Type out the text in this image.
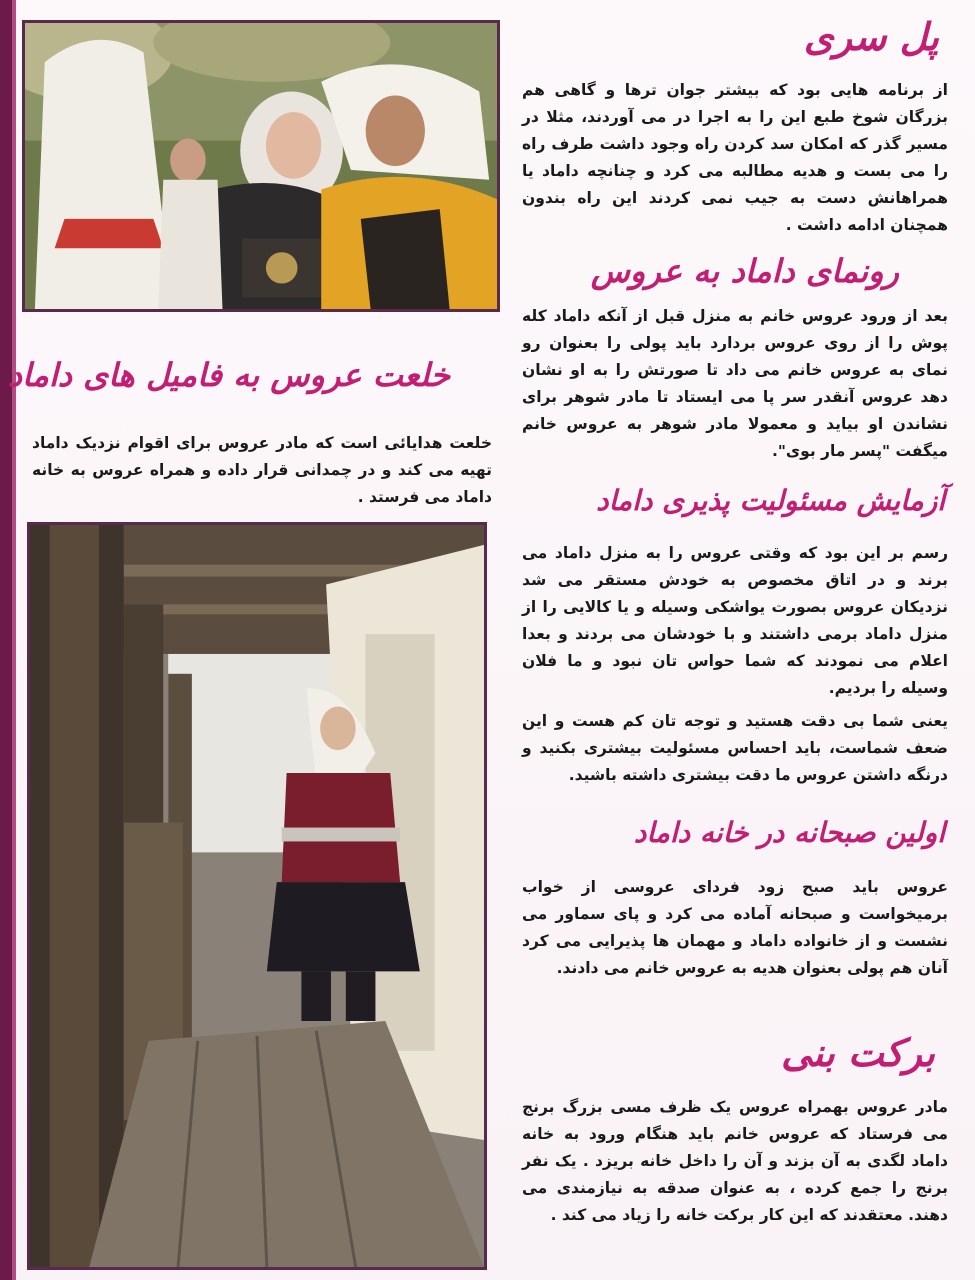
پل سری

از برنامه هایی بود که بیشتر جوان ترها و گاهی هم بزرگان شوخ طبع این را به اجرا در می آوردند، مثلا در مسیر گذر که امکان سد کردن راه وجود داشت طرف راه را می بست و هدیه مطالبه می کرد و چنانچه داماد یا همراهانش دست به جیب نمی کردند این راه بندون همچنان ادامه داشت .

رونمای داماد به عروس

بعد از ورود عروس خانم به منزل قبل از آنکه داماد کله پوش را از روی عروس بردارد باید پولی را بعنوان رو نمای به عروس خانم می داد تا صورتش را به او نشان دهد عروس آنقدر سر پا می ایستاد تا مادر شوهر برای نشاندن او بیاید و معمولا مادر شوهر به عروس خانم میگفت "پسر مار بوی".

خلعت عروس به فامیل های داماد

خلعت هدایائی است که مادر عروس برای اقوام نزدیک داماد تهیه می کند و در چمدانی قرار داده و همراه عروس به خانه داماد می فرستد .	آزمایش مسئولیت پذیری داماد

رسم بر این بود که وقتی عروس را به منزل داماد می برند و در اتاق مخصوص به خودش مستقر می شد نزدیکان عروس بصورت یواشکی وسیله و یا کالایی را از منزل داماد برمی داشتند و با خودشان می بردند و بعدا اعلام می نمودند که شما حواس تان نبود و ما فلان وسیله را برديم.

یعنی شما بی دقت هستید و توجه تان کم هست و این ضعف شماست، باید احساس مسئولیت بیشتری بکنید و درنگه داشتن عروس ما دقت بیشتری داشته باشید.

اولین صبحانه در خانه داماد

عروس باید صبح زود فردای عروسی از خواب برمیخواست و صبحانه آماده می کرد و پای سماور می نشست و از خانواده داماد و مهمان ها پذیرایی می کرد آنان هم پولی بعنوان هدیه به عروس خانم می دادند.

برکت بنی

مادر عروس بهمراه عروس یک ظرف مسی بزرگ برنج می فرستاد که عروس خانم باید هنگام ورود به خانه داماد لگدی به آن بزند و آن را داخل خانه بریزد . یک نفر برنج را جمع کرده ، به عنوان صدقه به نیازمندی می دهند. معتقدند که این کار برکت خانه را زیاد می کند .
